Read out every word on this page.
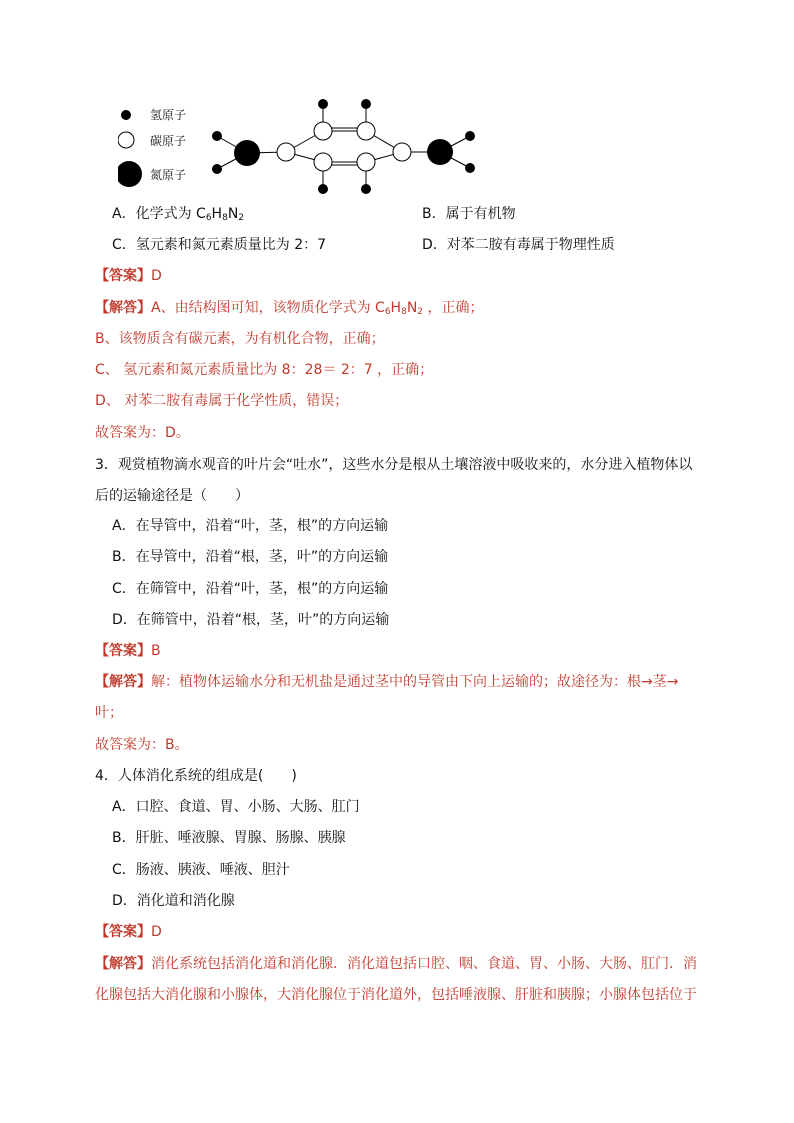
氢原子
碳原子
氮原子
A．化学式为 $C_6H_8N_2$	B．属于有机物
C．氢元素和氮元素质量比为 2：7	D．对苯二胺有毒属于物理性质
【答案】D
【解答】A、由结构图可知，该物质化学式为 $C_6H_8N_2$ ，正确；
B、该物质含有碳元素，为有机化合物，正确；
C、 氢元素和氮元素质量比为 8：28＝ 2：7 ，正确；
D、 对苯二胺有毒属于化学性质，错误；
故答案为：D。
3．观赏植物滴水观音的叶片会“吐水”，这些水分是根从土壤溶液中吸收来的，水分进入植物体以
后的运输途径是（　　）
A．在导管中，沿着“叶，茎，根”的方向运输
B．在导管中，沿着“根，茎，叶”的方向运输
C．在筛管中，沿着“叶，茎，根”的方向运输
D．在筛管中，沿着“根，茎，叶”的方向运输
【答案】B
【解答】解：植物体运输水分和无机盐是通过茎中的导管由下向上运输的；故途径为：根→茎→
叶；
故答案为：B。
4．人体消化系统的组成是(　　)
A．口腔、食道、胃、小肠、大肠、肛门
B．肝脏、唾液腺、胃腺、肠腺、胰腺
C．肠液、胰液、唾液、胆汁
D．消化道和消化腺
【答案】D
【解答】消化系统包括消化道和消化腺．消化道包括口腔、咽、食道、胃、小肠、大肠、肛门．消
化腺包括大消化腺和小腺体，大消化腺位于消化道外，包括唾液腺、肝脏和胰腺；小腺体包括位于
